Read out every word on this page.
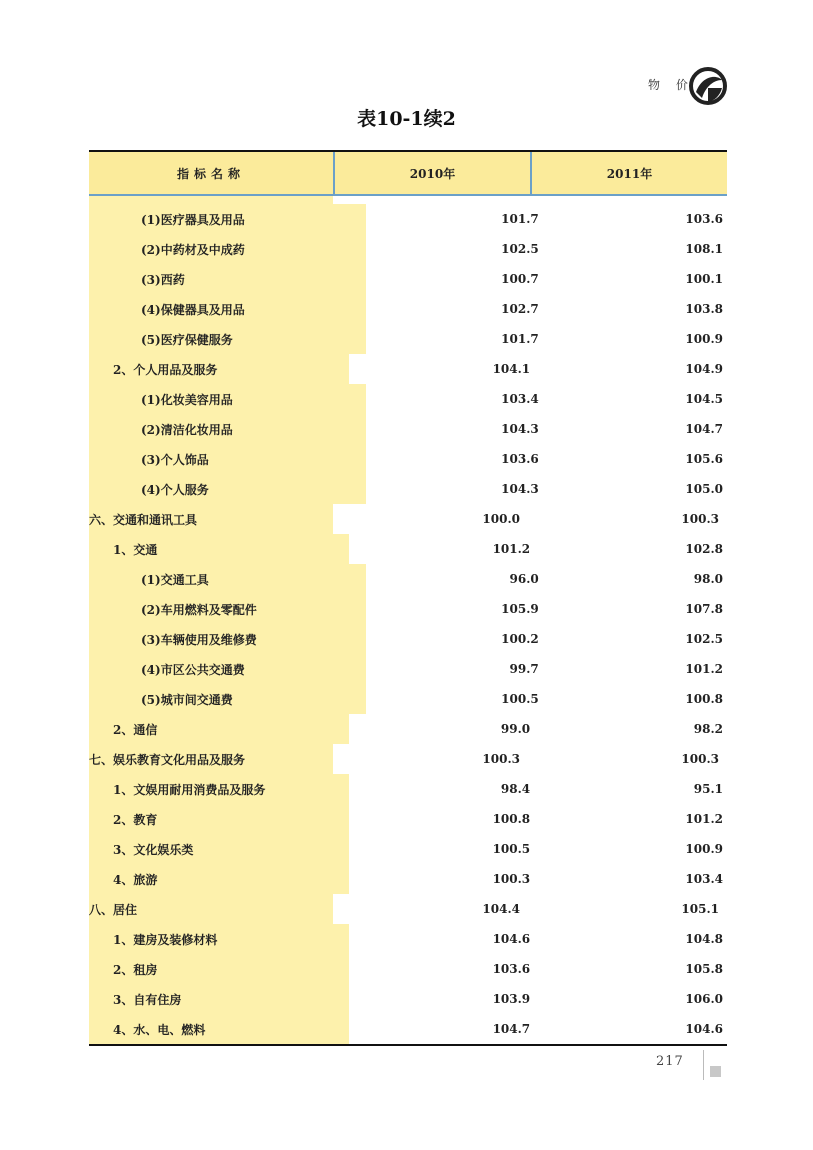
物 价
表10-1续2
指标名称	2010年	2011年
(1)医疗器具及用品	101.7	103.6
(2)中药材及中成药	102.5	108.1
(3)西药	100.7	100.1
(4)保健器具及用品	102.7	103.8
(5)医疗保健服务	101.7	100.9
2、个人用品及服务	104.1	104.9
(1)化妆美容用品	103.4	104.5
(2)清洁化妆用品	104.3	104.7
(3)个人饰品	103.6	105.6
(4)个人服务	104.3	105.0
六、交通和通讯工具	100.0	100.3
1、交通	101.2	102.8
(1)交通工具	96.0	98.0
(2)车用燃料及零配件	105.9	107.8
(3)车辆使用及维修费	100.2	102.5
(4)市区公共交通费	99.7	101.2
(5)城市间交通费	100.5	100.8
2、通信	99.0	98.2
七、娱乐教育文化用品及服务	100.3	100.3
1、文娱用耐用消费品及服务	98.4	95.1
2、教育	100.8	101.2
3、文化娱乐类	100.5	100.9
4、旅游	100.3	103.4
八、居住	104.4	105.1
1、建房及装修材料	104.6	104.8
2、租房	103.6	105.8
3、自有住房	103.9	106.0
4、水、电、燃料	104.7	104.6
217
